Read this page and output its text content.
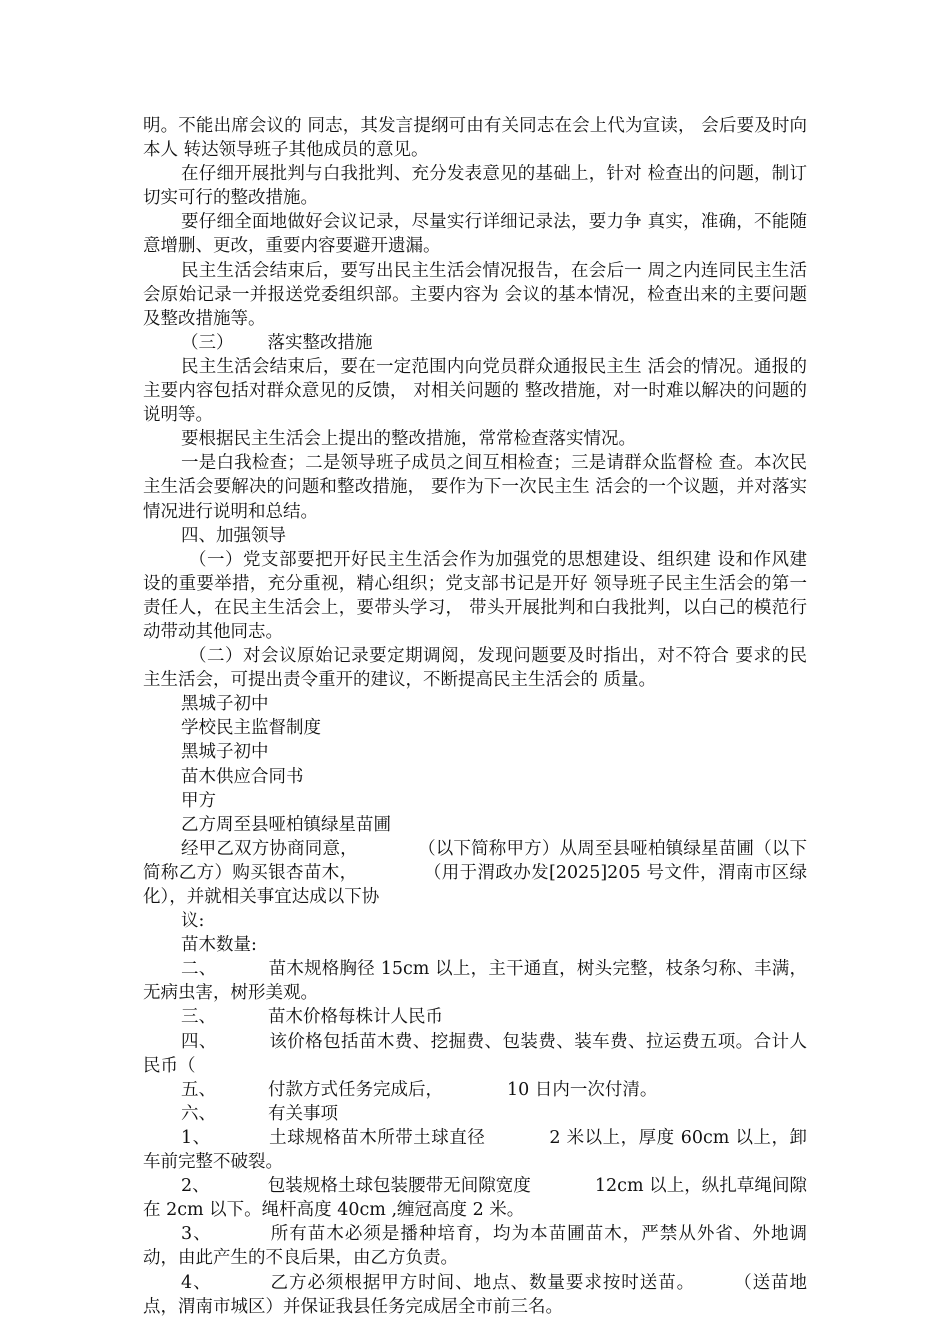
明。不能出席会议的 同志，其发言提纲可由有关同志在会上代为宣读， 会后要及时向本人 转达领导班子其他成员的意见。

在仔细开展批判与白我批判、充分发表意见的基础上，针对 检查出的问题，制订切实可行的整改措施。

要仔细全面地做好会议记录，尽量实行详细记录法，要力争 真实，准确，不能随意增删、更改，重要内容要避开遗漏。

民主生活会结束后，要写出民主生活会情况报告，在会后一 周之内连同民主生活会原始记录一并报送党委组织部。主要内容为 会议的基本情况，检查出来的主要问题及整改措施等。

（三） 落实整改措施

民主生活会结束后，要在一定范围内向党员群众通报民主生 活会的情况。通报的主要内容包括对群众意见的反馈， 对相关问题的 整改措施，对一时难以解决的问题的说明等。

要根据民主生活会上提出的整改措施，常常检查落实情况。

一是白我检查；二是领导班子成员之间互相检查；三是请群众监督检 查。本次民主生活会要解决的问题和整改措施， 要作为下一次民主生 活会的一个议题，并对落实情况进行说明和总结。

四、加强领导

（一）党支部要把开好民主生活会作为加强党的思想建设、组织建 设和作风建设的重要举措，充分重视，精心组织；党支部书记是开好 领导班子民主生活会的第一责任人，在民主生活会上，要带头学习， 带头开展批判和白我批判，以白己的模范行动带动其他同志。

（二）对会议原始记录要定期调阅，发现问题要及时指出，对不符合 要求的民主生活会，可提出责令重开的建议，不断提高民主生活会的 质量。

黑城子初中

学校民主监督制度

黑城子初中

苗木供应合同书

甲方

乙方周至县哑柏镇绿星苗圃

经甲乙双方协商同意，	（以下简称甲方）从周至县哑柏镇绿星苗圃（以下简称乙方）购买银杏苗木，	（用于渭政办发[2025]205 号文件，渭南市区绿化），并就相关事宜达成以下协

议:

苗木数量:

二、	苗木规格胸径 15cm 以上，主干通直，树头完整，枝条匀称、丰满，无病虫害，树形美观。

三、	苗木价格每株计人民币

四、	该价格包括苗木费、挖掘费、包装费、装车费、拉运费五项。合计人民币（

五、	付款方式任务完成后，	10 日内一次付清。

六、	有关事项

1、	土球规格苗木所带土球直径	2 米以上，厚度 60cm 以上，卸车前完整不破裂。

2、	包装规格土球包装腰带无间隙宽度	12cm 以上，纵扎草绳间隙在 2cm 以下。绳杆高度 40cm ,缠冠高度 2 米。

3、	所有苗木必须是播种培育，均为本苗圃苗木，严禁从外省、外地调动，由此产生的不良后果，由乙方负责。

4、	乙方必须根据甲方时间、地点、数量要求按时送苗。 （送苗地点，渭南市城区）并保证我县任务完成居全市前三名。
